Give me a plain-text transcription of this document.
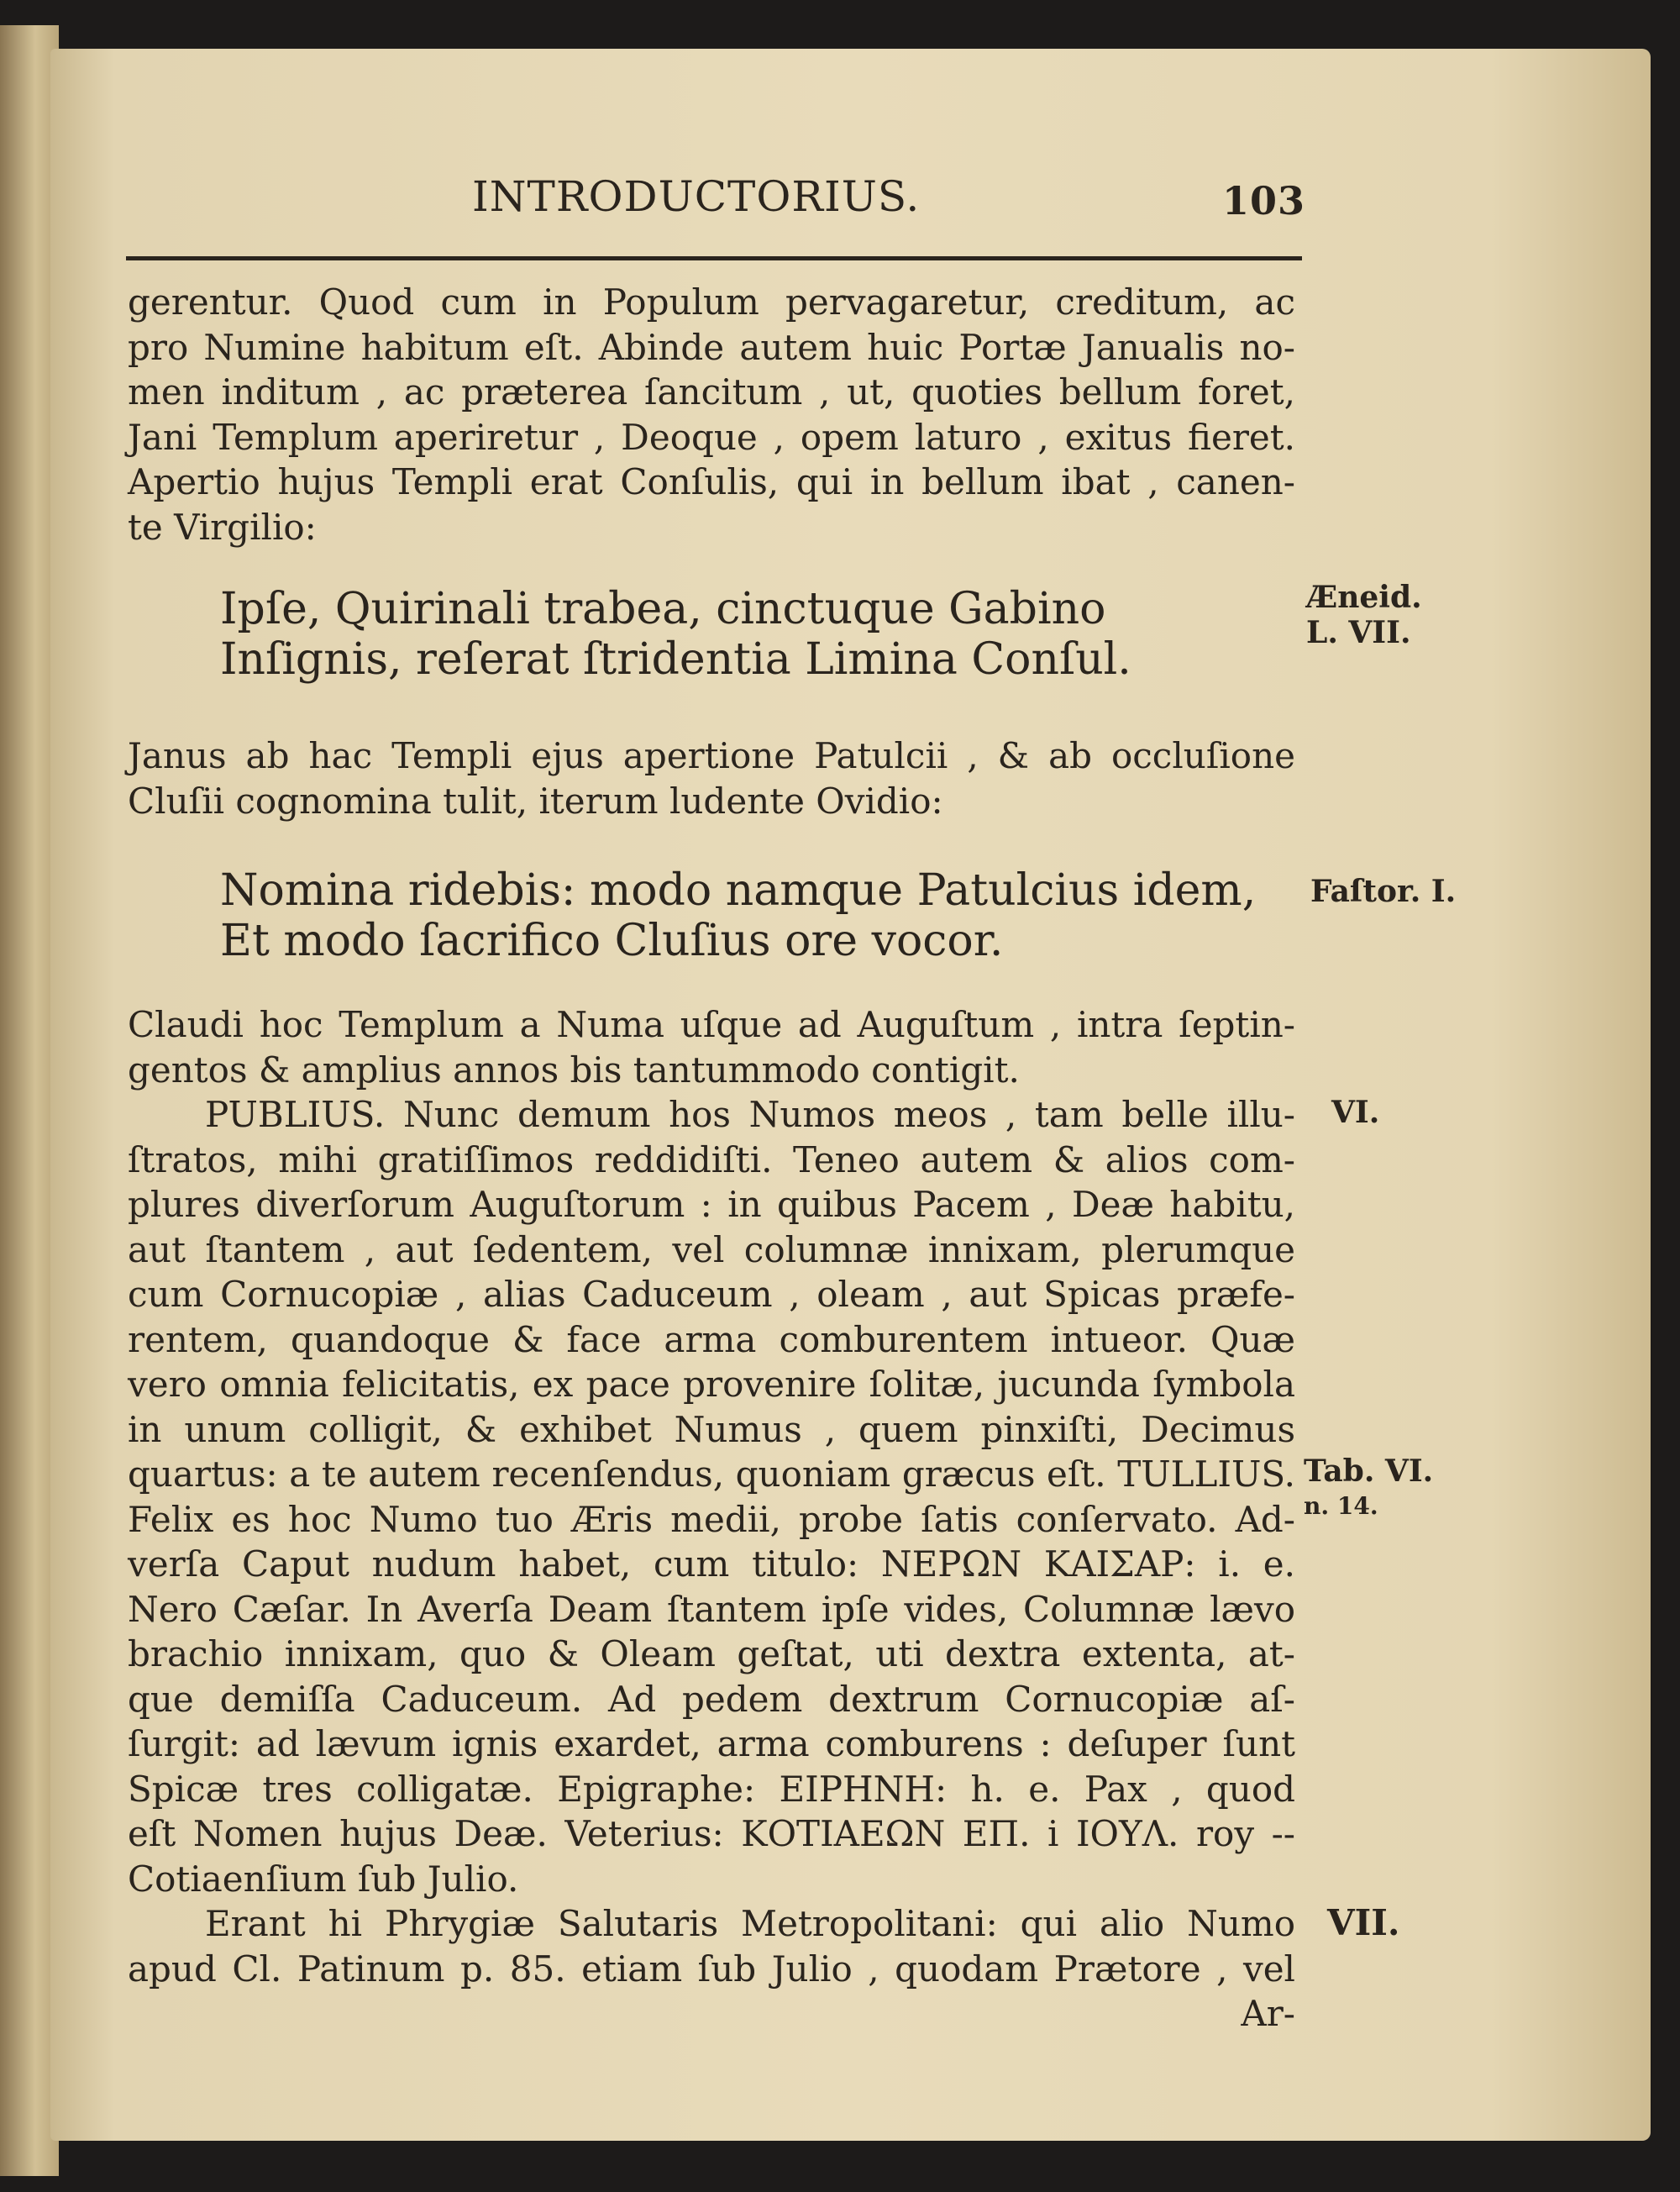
INTRODUCTORIUS.	103
gerentur. Quod cum in Populum pervagaretur, creditum, ac
pro Numine habitum eſt. Abinde autem huic Portæ Janualis no-
men inditum , ac præterea ſancitum , ut, quoties bellum foret,
Jani Templum aperiretur , Deoque , opem laturo , exitus fieret.
Apertio hujus Templi erat Conſulis, qui in bellum ibat , canen-
te Virgilio:
Ipſe, Quirinali trabea, cinctuque Gabino
Inſignis, reſerat ſtridentia Limina Conſul.
Æneid.
L. VII.
Janus ab hac Templi ejus apertione Patulcii , & ab occluſione
Cluſii cognomina tulit, iterum ludente Ovidio:
Nomina ridebis: modo namque Patulcius idem,
Et modo ſacrifico Cluſius ore vocor.
Faſtor. I.
Claudi hoc Templum a Numa uſque ad Auguſtum , intra ſeptin-
gentos & amplius annos bis tantummodo contigit.
PUBLIUS. Nunc demum hos Numos meos , tam belle illu-
ſtratos, mihi gratiſſimos reddidiſti. Teneo autem & alios com-
plures diverſorum Auguſtorum : in quibus Pacem , Deæ habitu,
aut ſtantem , aut ſedentem, vel columnæ innixam, plerumque
cum Cornucopiæ , alias Caduceum , oleam , aut Spicas præfe-
rentem, quandoque & face arma comburentem intueor. Quæ
vero omnia felicitatis, ex pace provenire ſolitæ, jucunda ſymbola
in unum colligit, & exhibet Numus , quem pinxiſti, Decimus
quartus: a te autem recenſendus, quoniam græcus eſt. TULLIUS.
Felix es hoc Numo tuo Æris medii, probe ſatis conſervato. Ad-
verſa Caput nudum habet, cum titulo: ΝΕΡΩΝ ΚΑΙΣΑΡ: i. e.
Nero Cæſar. In Averſa Deam ſtantem ipſe vides, Columnæ lævo
brachio innixam, quo & Oleam geſtat, uti dextra extenta, at-
que demiſſa Caduceum. Ad pedem dextrum Cornucopiæ aſ-
ſurgit: ad lævum ignis exardet, arma comburens : deſuper ſunt
Spicæ tres colligatæ. Epigraphe: ΕΙΡΗΝΗ: h. e. Pax , quod
eſt Nomen hujus Deæ. Veterius: ΚΟΤΙΑΕΩΝ ΕΠ. i ΙΟΥΛ. roy --
Cotiaenſium ſub Julio.
VI.
Tab. VI.
n. 14.
Erant hi Phrygiæ Salutaris Metropolitani: qui alio Numo
apud Cl. Patinum p. 85. etiam ſub Julio , quodam Prætore , vel
Ar-
VII.
